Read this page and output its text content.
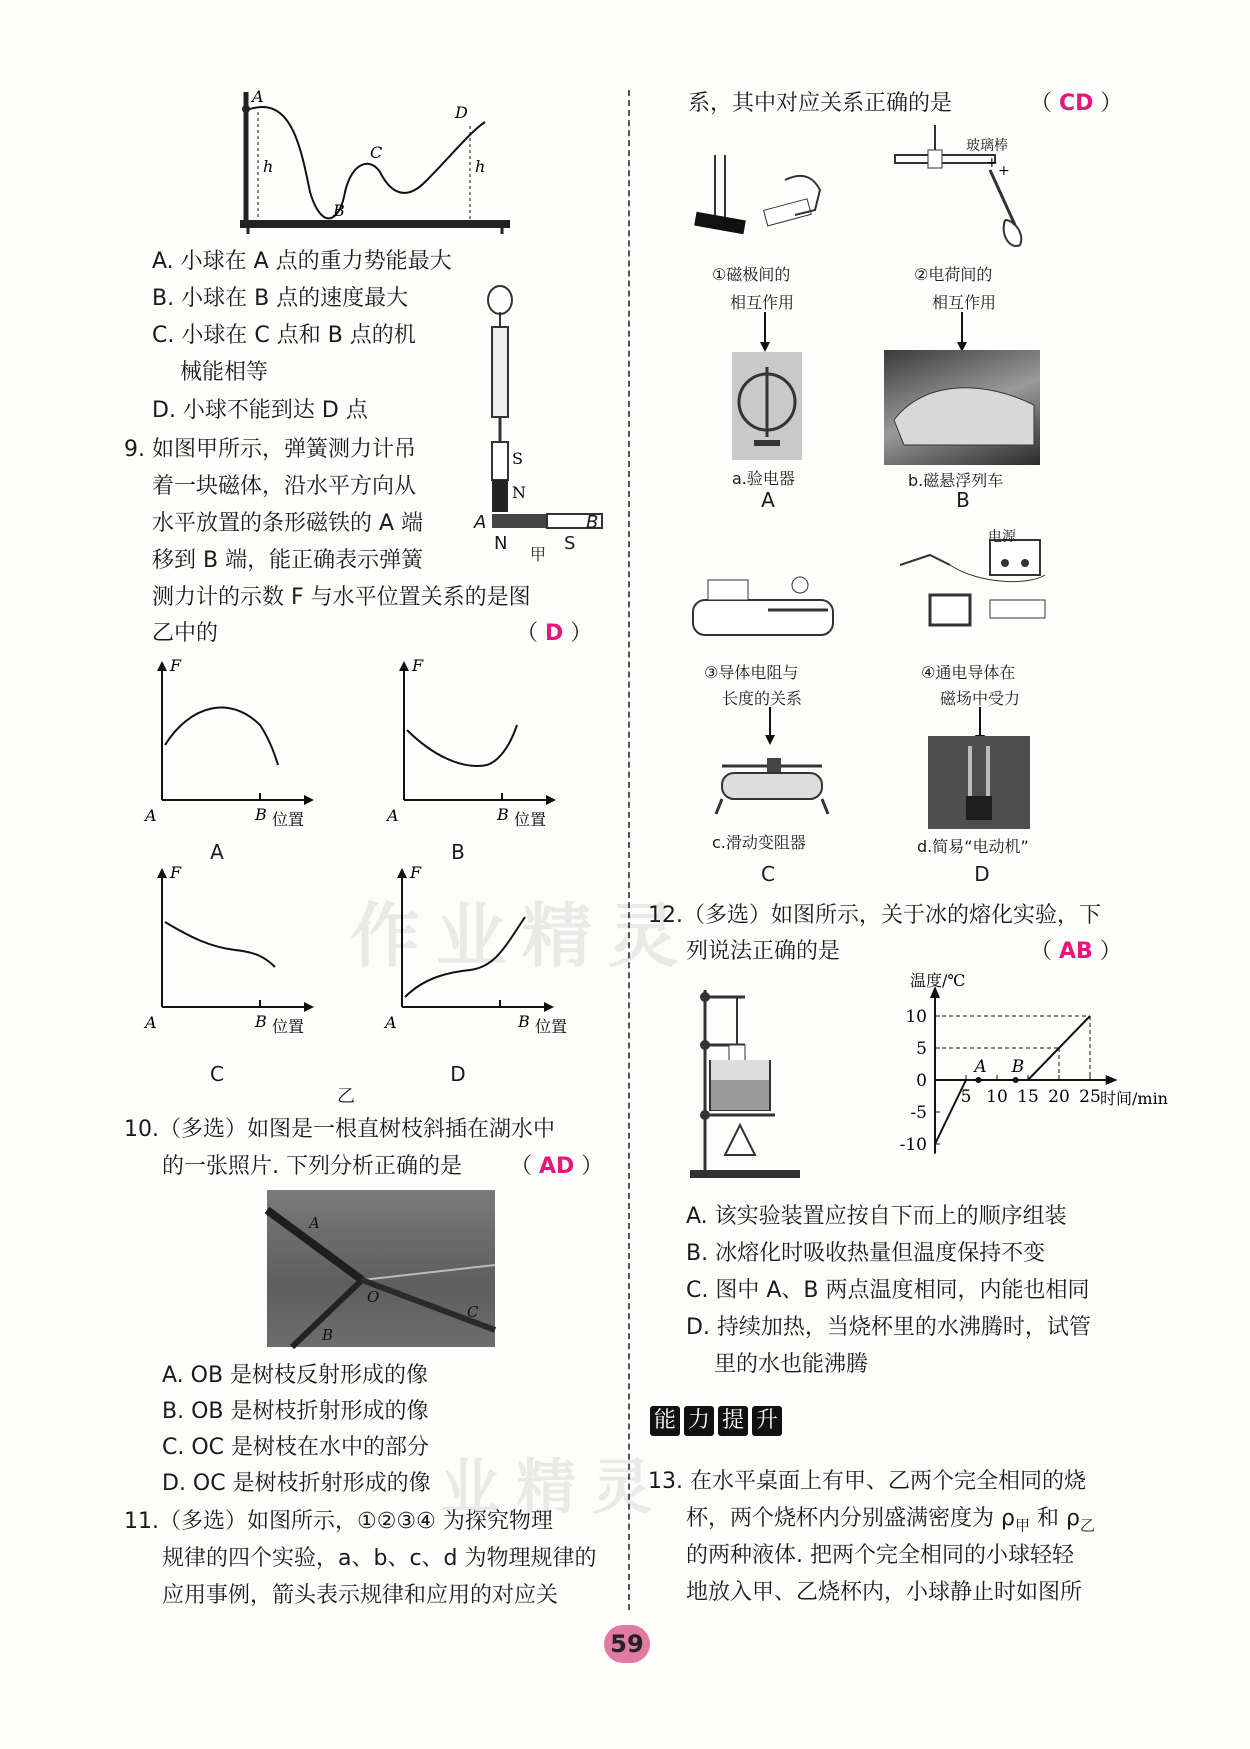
A
B
C
D
h	h
A. 小球在 A 点的重力势能最大
B. 小球在 B 点的速度最大
C. 小球在 C 点和 B 点的机
械能相等
D. 小球不能到达 D 点
S
N
A	B
N	S
甲
9. 如图甲所示，弹簧测力计吊
着一块磁体，沿水平方向从
水平放置的条形磁铁的 A 端
移到 B 端，能正确表示弹簧
测力计的示数 F 与水平位置关系的是图
乙中的	（ D ）
F
A	B 位置
A
F
A	B 位置
B
F
A	B 位置
C
F
A	B 位置
D
乙
10.（多选）如图是一根直树枝斜插在湖水中
的一张照片. 下列分析正确的是 （ AD ）
A
O
B
C
A. OB 是树枝反射形成的像
B. OB 是树枝折射形成的像
C. OC 是树枝在水中的部分
D. OC 是树枝折射形成的像
11.（多选）如图所示，①②③④ 为探究物理
规律的四个实验，a、b、c、d 为物理规律的
应用事例，箭头表示规律和应用的对应关
系，其中对应关系正确的是	（ CD ）
①磁极间的
相互作用
+ +
玻璃棒
②电荷间的
相互作用
a.验电器
A
b.磁悬浮列车
B
③导体电阻与
长度的关系
电源
④通电导体在
磁场中受力
c.滑动变阻器
C
d.简易“电动机”
D
12.（多选）如图所示，关于冰的熔化实验，下
列说法正确的是	（ AB ）
温度/℃
时间/min
10
5
0
-5
-10
5 10 15 20 25
A B
A. 该实验装置应按自下而上的顺序组装
B. 冰熔化时吸收热量但温度保持不变
C. 图中 A、B 两点温度相同，内能也相同
D. 持续加热，当烧杯里的水沸腾时，试管
里的水也能沸腾
能 力 提 升
13. 在水平桌面上有甲、乙两个完全相同的烧
杯，两个烧杯内分别盛满密度为 $\rho_甲$ 和 $\rho_乙$
的两种液体. 把两个完全相同的小球轻轻
地放入甲、乙烧杯内，小球静止时如图所
作业精灵
业精灵
59
